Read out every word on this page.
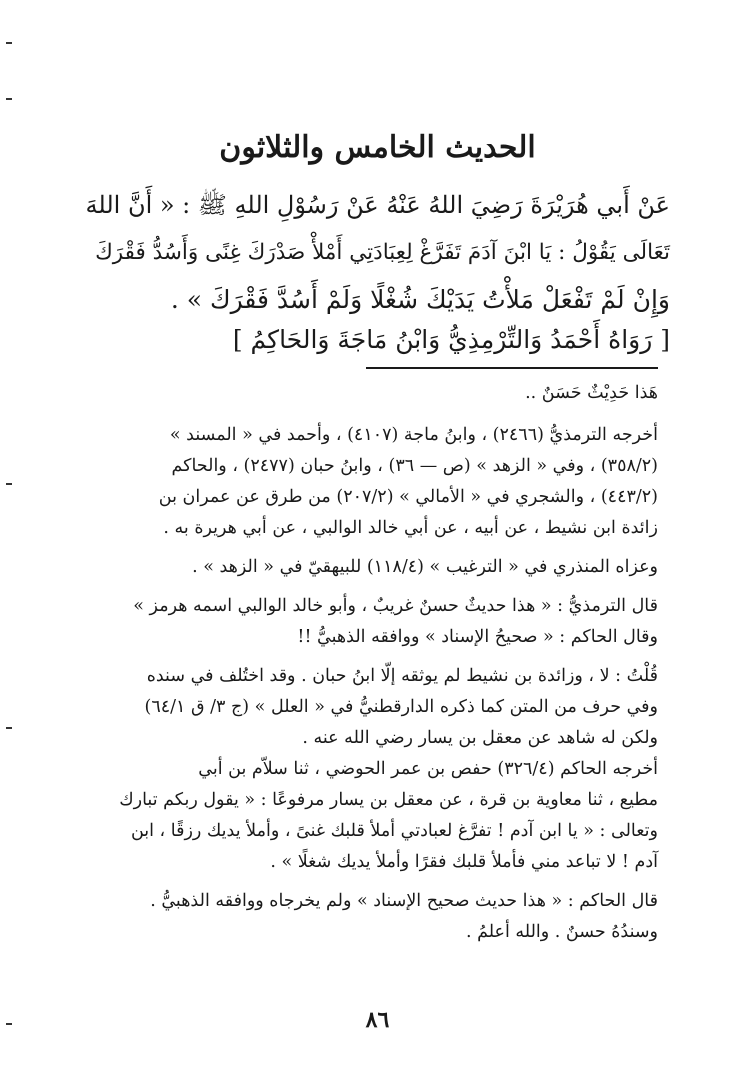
الحديث الخامس والثلاثون

عَنْ أَبي هُرَيْرَةَ رَضِيَ اللهُ عَنْهُ عَنْ رَسُوْلِ اللهِ ﷺ : « أَنَّ اللهَ

تَعَالَى يَقُوْلُ : يَا ابْنَ آدَمَ تَفَرَّغْ لِعِبَادَتِي أَمْلأْ صَدْرَكَ غِنًى وَأَسُدُّ فَقْرَكَ

وَإِنْ لَمْ تَفْعَلْ مَلأْتُ يَدَيْكَ شُغْلًا وَلَمْ أَسُدَّ فَقْرَكَ » .

[ رَوَاهُ أَحْمَدُ وَالتِّرْمِذِيُّ وَابْنُ مَاجَةَ وَالحَاكِمُ ]
هَذا حَدِيْثٌ حَسَنٌ ..
أخرجه الترمذيُّ (٢٤٦٦) ، وابنُ ماجة (٤١٠٧) ، وأحمد في « المسند »
(٣٥٨/٢) ، وفي « الزهد » (ص — ٣٦) ، وابنُ حبان (٢٤٧٧) ، والحاكم
(٤٤٣/٢) ، والشجري في « الأمالي » (٢٠٧/٢) من طرق عن عمران بن
زائدة ابن نشيط ، عن أبيه ، عن أبي خالد الوالبي ، عن أبي هريرة به .
وعزاه المنذري في « الترغيب » (١١٨/٤) للبيهقيّ في « الزهد » .
قال الترمذيُّ : « هذا حديثٌ حسنٌ غريبٌ ، وأبو خالد الوالبي اسمه هرمز »
وقال الحاكم : « صحيحُ الإسناد » ووافقه الذهبيُّ !!
قُلْتُ : لا ، وزائدة بن نشيط لم يوثقه إلّا ابنُ حبان . وقد اختُلف في سنده
وفي حرف من المتن كما ذكره الدارقطنيُّ في « العلل » (ج ٣/ ق ٦٤/١)
ولكن له شاهد عن معقل بن يسار رضي الله عنه .
أخرجه الحاكم (٣٢٦/٤) حفص بن عمر الحوضي ، ثنا سلاّم بن أبي
مطيع ، ثنا معاوية بن قرة ، عن معقل بن يسار مرفوعًا : « يقول ربكم تبارك
وتعالى : « يا ابن آدم ! تفرَّغ لعبادتي أملأ قلبك غنىً ، وأملأ يديك رزقًا ، ابن
آدم ! لا تباعد مني فأملأ قلبك فقرًا وأملأ يديك شغلًا » .
قال الحاكم : « هذا حديث صحيح الإسناد » ولم يخرجاه ووافقه الذهبيُّ .
وسندُهُ حسنٌ . والله أعلمُ .
٨٦
